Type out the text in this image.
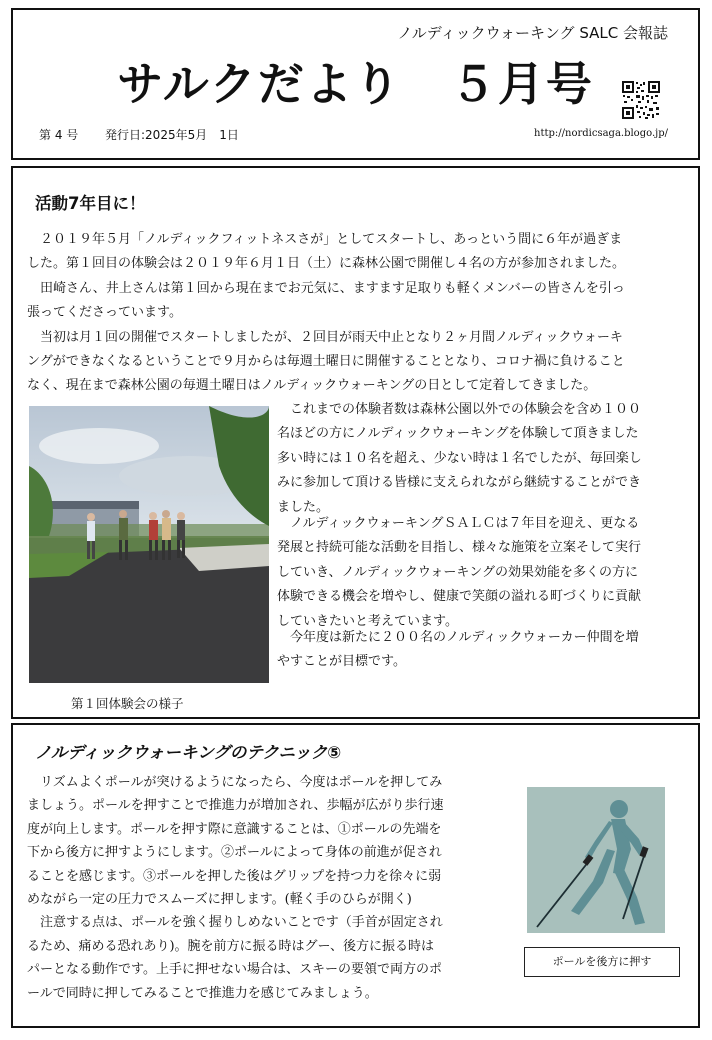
ノルディックウォーキング SALC 会報誌
サルクだより　５月号
第 4 号 発行日:2025年5月　1日	http://nordicsaga.blogo.jp/
活動7年目に！
　２０１９年５月「ノルディックフィットネスさが」としてスタートし、あっという間に６年が過ぎま
した。第１回目の体験会は２０１９年６月１日（土）に森林公園で開催し４名の方が参加されました。
　田崎さん、井上さんは第１回から現在までお元気に、ますます足取りも軽くメンバーの皆さんを引っ
張ってくださっています。
　当初は月１回の開催でスタートしましたが、２回目が雨天中止となり２ヶ月間ノルディックウォーキ
ングができなくなるということで９月からは毎週土曜日に開催することとなり、コロナ禍に負けること
なく、現在まで森林公園の毎週土曜日はノルディックウォーキングの日として定着してきました。
第１回体験会の様子
　これまでの体験者数は森林公園以外での体験会を含め１００
名ほどの方にノルディックウォーキングを体験して頂きました
多い時には１０名を超え、少ない時は１名でしたが、毎回楽し
みに参加して頂ける皆様に支えられながら継続することができ
ました。
　ノルディックウォーキングＳＡＬＣは７年目を迎え、更なる
発展と持続可能な活動を目指し、様々な施策を立案そして実行
していき、ノルディックウォーキングの効果効能を多くの方に
体験できる機会を増やし、健康で笑顔の溢れる町づくりに貢献
していきたいと考えています。
　今年度は新たに２００名のノルディックウォーカー仲間を増
やすことが目標です。
ノルディックウォーキングのテクニック⑤
　リズムよくポールが突けるようになったら、今度はポールを押してみ
ましょう。ポールを押すことで推進力が増加され、歩幅が広がり歩行速
度が向上します。ポールを押す際に意識することは、①ポールの先端を
下から後方に押すようにします。②ポールによって身体の前進が促され
ることを感じます。③ポールを押した後はグリップを持つ力を徐々に弱
めながら一定の圧力でスムーズに押します。(軽く手のひらが開く)
　注意する点は、ポールを強く握りしめないことです（手首が固定され
るため、痛める恐れあり)。腕を前方に振る時はグー、後方に振る時は
パーとなる動作です。上手に押せない場合は、スキーの要領で両方のポ
ールで同時に押してみることで推進力を感じてみましょう。
ポールを後方に押す
